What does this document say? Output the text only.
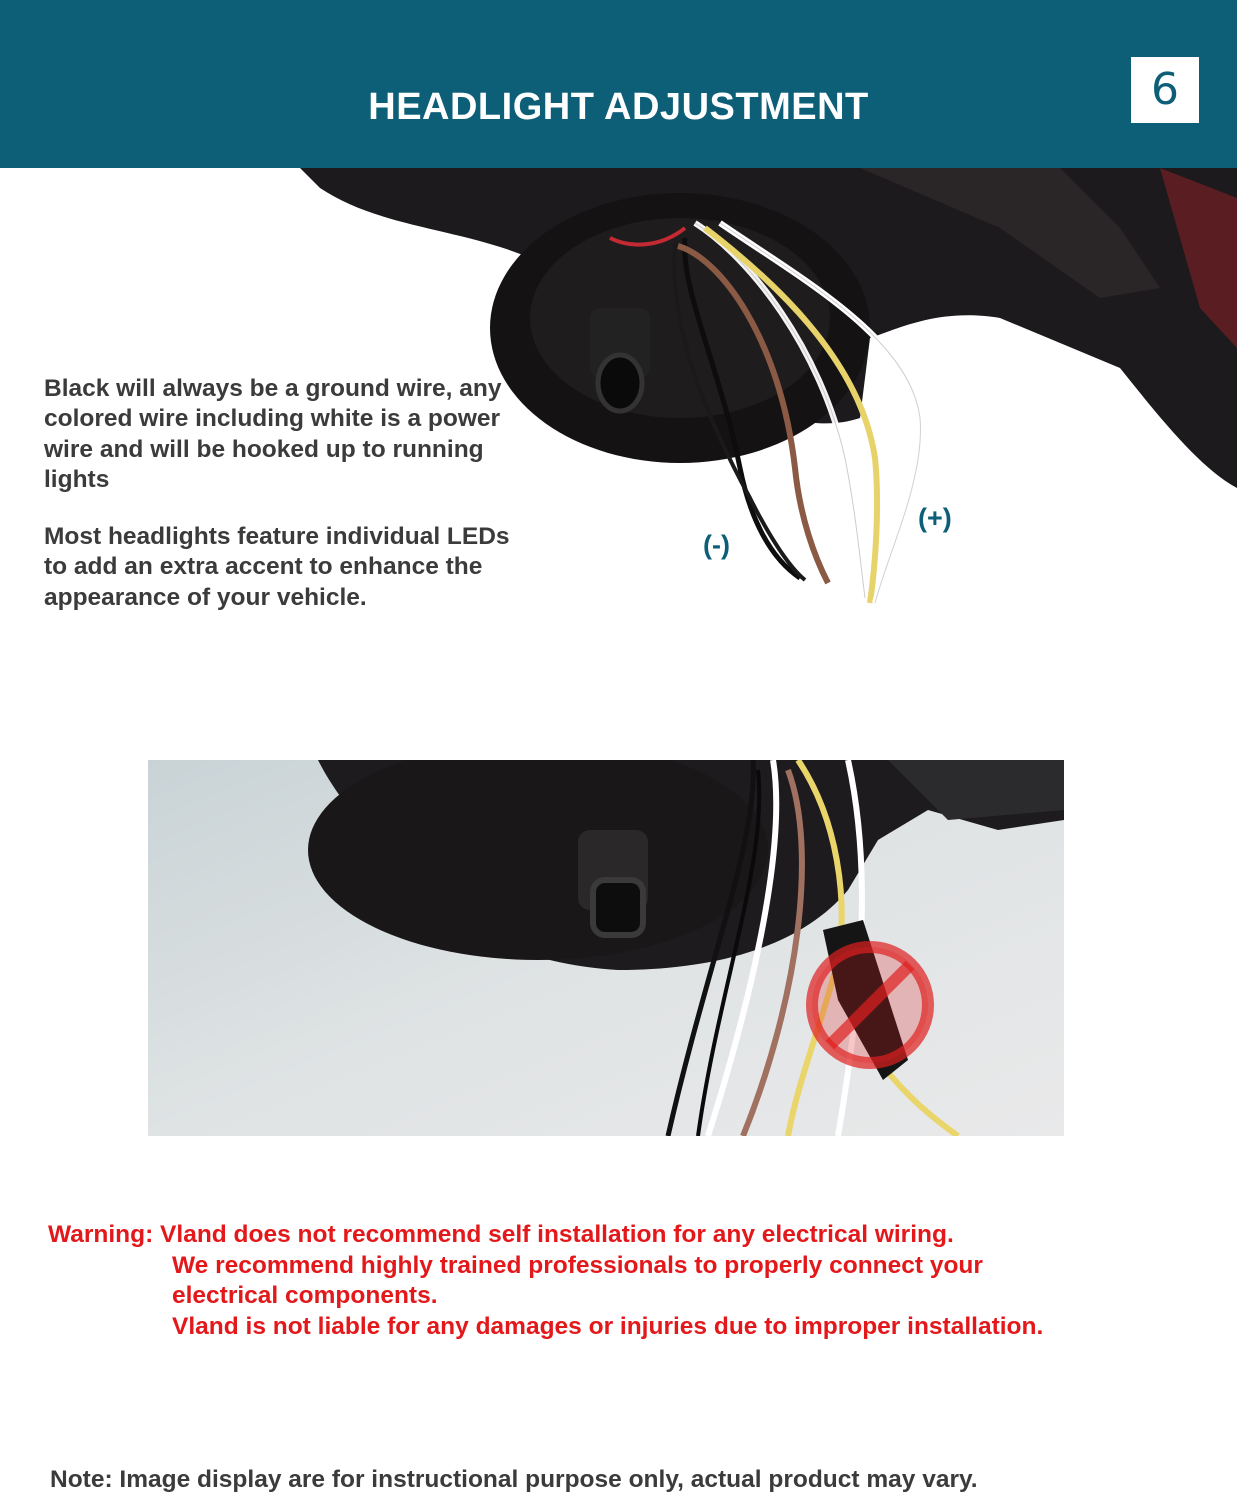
HEADLIGHT ADJUSTMENT	6

Black will always be a ground wire, any colored wire including white is a power wire and will be hooked up to running lights

Most headlights feature individual LEDs to add an extra accent to enhance the appearance of your vehicle.

(-)
(+)
Warning: Vland does not recommend self installation for any electrical wiring.
We recommend highly trained professionals to properly connect your
electrical components.
Vland is not liable for any damages or injuries due to improper installation.
Note: Image display are for instructional purpose only, actual product may vary.
